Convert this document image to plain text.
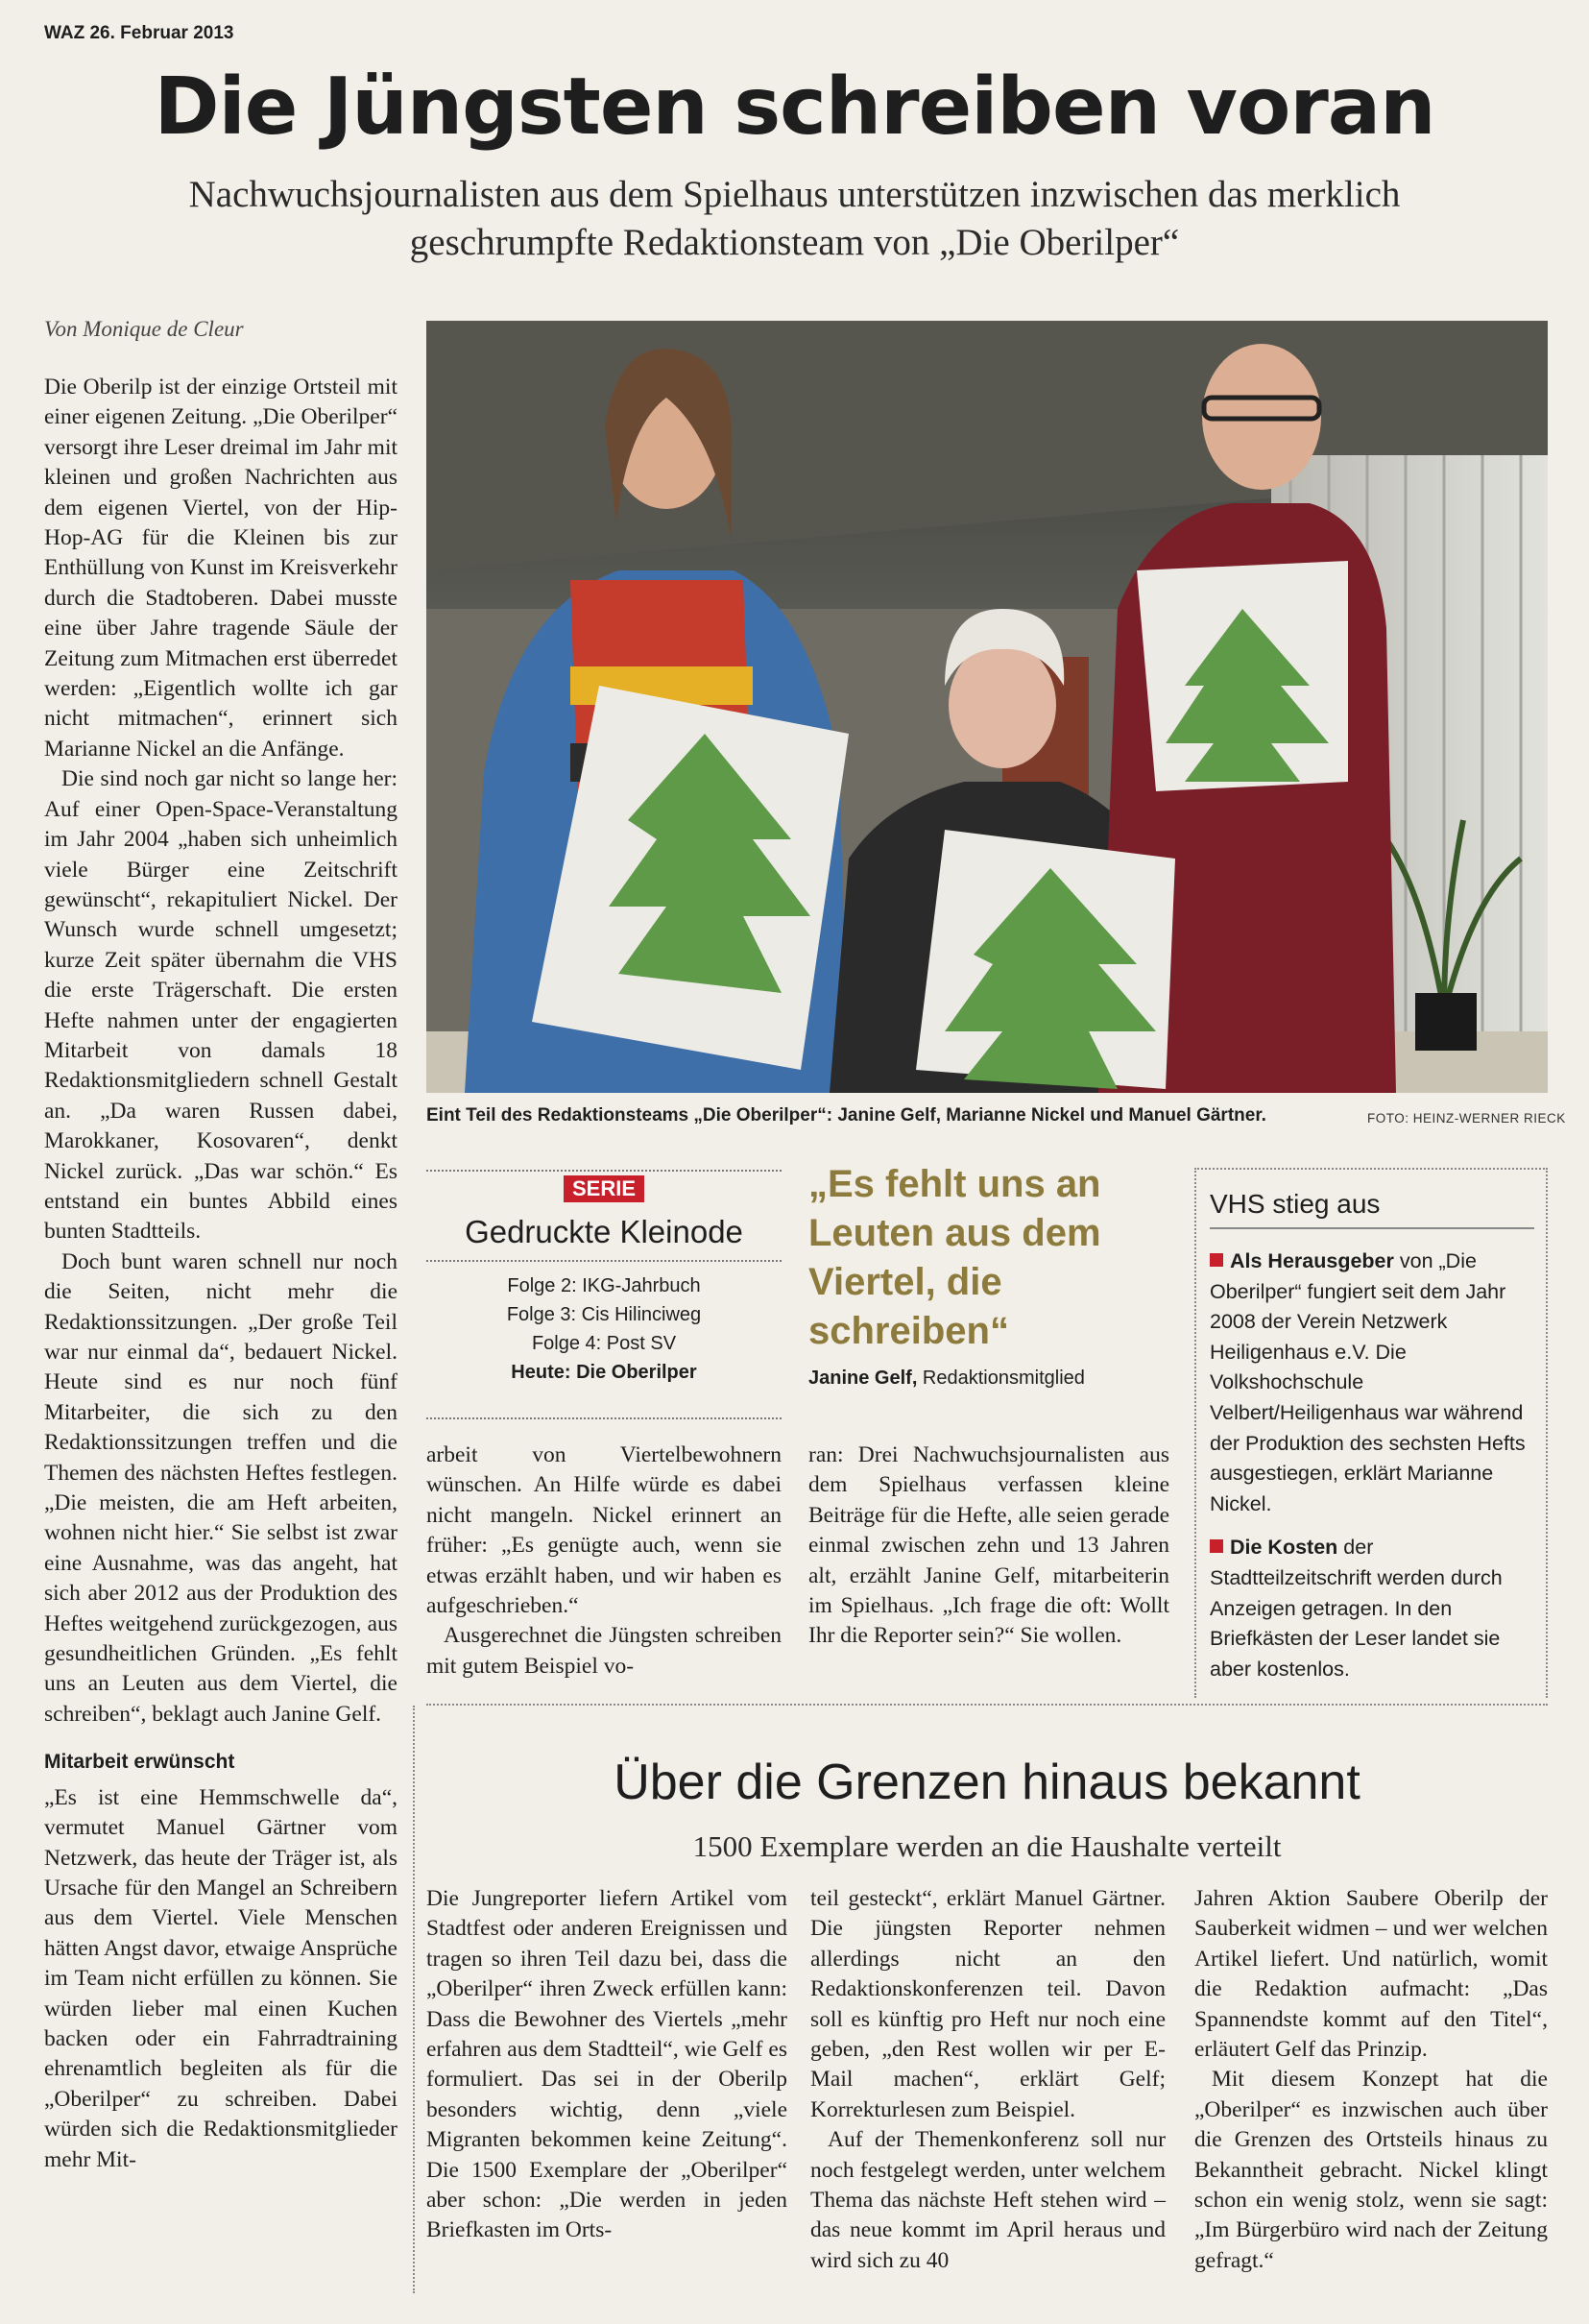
WAZ 26. Februar 2013
Die Jüngsten schreiben voran
Nachwuchsjournalisten aus dem Spielhaus unterstützen inzwischen das merklich geschrumpfte Redaktionsteam von „Die Oberilper“
Von Monique de Cleur

Die Oberilp ist der einzige Ortsteil mit einer eigenen Zeitung. „Die Oberilper“ versorgt ihre Leser dreimal im Jahr mit kleinen und großen Nachrichten aus dem eigenen Viertel, von der Hip-Hop-AG für die Kleinen bis zur Enthüllung von Kunst im Kreisverkehr durch die Stadtoberen. Dabei musste eine über Jahre tragende Säule der Zeitung zum Mitmachen erst überredet werden: „Eigentlich wollte ich gar nicht mitmachen“, erinnert sich Marianne Nickel an die Anfänge.

Die sind noch gar nicht so lange her: Auf einer Open-Space-Veranstaltung im Jahr 2004 „haben sich unheimlich viele Bürger eine Zeitschrift gewünscht“, rekapituliert Nickel. Der Wunsch wurde schnell umgesetzt; kurze Zeit später übernahm die VHS die erste Trägerschaft. Die ersten Hefte nahmen unter der engagierten Mitarbeit von damals 18 Redaktionsmitgliedern schnell Gestalt an. „Da waren Russen dabei, Marokkaner, Kosovaren“, denkt Nickel zurück. „Das war schön.“ Es entstand ein buntes Abbild eines bunten Stadtteils.

Doch bunt waren schnell nur noch die Seiten, nicht mehr die Redaktionssitzungen. „Der große Teil war nur einmal da“, bedauert Nickel. Heute sind es nur noch fünf Mitarbeiter, die sich zu den Redaktionssitzungen treffen und die Themen des nächsten Heftes festlegen. „Die meisten, die am Heft arbeiten, wohnen nicht hier.“ Sie selbst ist zwar eine Ausnahme, was das angeht, hat sich aber 2012 aus der Produktion des Heftes weitgehend zurückgezogen, aus gesundheitlichen Gründen. „Es fehlt uns an Leuten aus dem Viertel, die schreiben“, beklagt auch Janine Gelf.

Mitarbeit erwünscht

„Es ist eine Hemmschwelle da“, vermutet Manuel Gärtner vom Netzwerk, das heute der Träger ist, als Ursache für den Mangel an Schreibern aus dem Viertel. Viele Menschen hätten Angst davor, etwaige Ansprüche im Team nicht erfüllen zu können. Sie würden lieber mal einen Kuchen backen oder ein Fahrradtraining ehrenamtlich begleiten als für die „Oberilper“ zu schreiben. Dabei würden sich die Redaktionsmitglieder mehr Mit-

Eint Teil des Redaktionsteams „Die Oberilper“: Janine Gelf, Marianne Nickel und Manuel Gärtner.	FOTO: HEINZ-WERNER RIECK
SERIE
Gedruckte Kleinode
Folge 2: IKG-Jahrbuch
Folge 3: Cis Hilinciweg
Folge 4: Post SV
Heute: Die Oberilper
„Es fehlt uns an Leuten aus dem Viertel, die schreiben“
Janine Gelf, Redaktionsmitglied

arbeit von Viertelbewohnern wünschen. An Hilfe würde es dabei nicht mangeln. Nickel erinnert an früher: „Es genügte auch, wenn sie etwas erzählt haben, und wir haben es aufgeschrieben.“

Ausgerechnet die Jüngsten schreiben mit gutem Beispiel vo-

ran: Drei Nachwuchsjournalisten aus dem Spielhaus verfassen kleine Beiträge für die Hefte, alle seien gerade einmal zwischen zehn und 13 Jahren alt, erzählt Janine Gelf, mitarbeiterin im Spielhaus. „Ich frage die oft: Wollt Ihr die Reporter sein?“ Sie wollen.

VHS stieg aus
Als Herausgeber von „Die Oberilper“ fungiert seit dem Jahr 2008 der Verein Netzwerk Heiligenhaus e.V. Die Volkshochschule Velbert/Heiligenhaus war während der Produktion des sechsten Hefts ausgestiegen, erklärt Marianne Nickel.
Die Kosten der Stadtteilzeitschrift werden durch Anzeigen getragen. In den Briefkästen der Leser landet sie aber kostenlos.
Über die Grenzen hinaus bekannt
1500 Exemplare werden an die Haushalte verteilt

Die Jungreporter liefern Artikel vom Stadtfest oder anderen Ereignissen und tragen so ihren Teil dazu bei, dass die „Oberilper“ ihren Zweck erfüllen kann: Dass die Bewohner des Viertels „mehr erfahren aus dem Stadtteil“, wie Gelf es formuliert. Das sei in der Oberilp besonders wichtig, denn „viele Migranten bekommen keine Zeitung“. Die 1500 Exemplare der „Oberilper“ aber schon: „Die werden in jeden Briefkasten im Orts-

teil gesteckt“, erklärt Manuel Gärtner. Die jüngsten Reporter nehmen allerdings nicht an den Redaktionskonferenzen teil. Davon soll es künftig pro Heft nur noch eine geben, „den Rest wollen wir per E-Mail machen“, erklärt Gelf; Korrekturlesen zum Beispiel.

Auf der Themenkonferenz soll nur noch festgelegt werden, unter welchem Thema das nächste Heft stehen wird – das neue kommt im April heraus und wird sich zu 40

Jahren Aktion Saubere Oberilp der Sauberkeit widmen – und wer welchen Artikel liefert. Und natürlich, womit die Redaktion aufmacht: „Das Spannendste kommt auf den Titel“, erläutert Gelf das Prinzip.

Mit diesem Konzept hat die „Oberilper“ es inzwischen auch über die Grenzen des Ortsteils hinaus zu Bekanntheit gebracht. Nickel klingt schon ein wenig stolz, wenn sie sagt: „Im Bürgerbüro wird nach der Zeitung gefragt.“
